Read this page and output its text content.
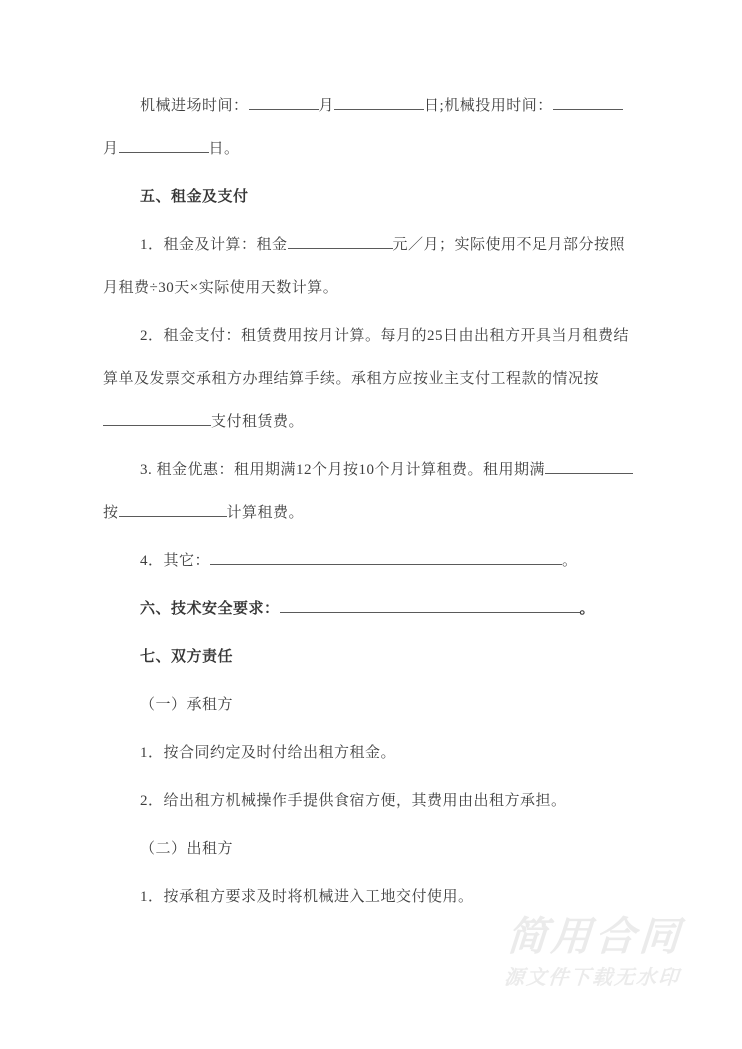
机械进场时间：	月	日;机械投用时间：月	日。

五、租金及支付

1．租金及计算：租金	元／月；实际使用不足月部分按照月租费÷30天×实际使用天数计算。

2．租金支付：租赁费用按月计算。每月的25日由出租方开具当月租费结算单及发票交承租方办理结算手续。承租方应按业主支付工程款的情况按支付租赁费。

3. 租金优惠：租用期满12个月按10个月计算租费。租用期满按	计算租费。

4．其它：	。

六、技术安全要求：	。

七、双方责任

（一）承租方

1．按合同约定及时付给出租方租金。

2．给出租方机械操作手提供食宿方便，其费用由出租方承担。

（二）出租方

1．按承租方要求及时将机械进入工地交付使用。

简用合同
源文件下载无水印
